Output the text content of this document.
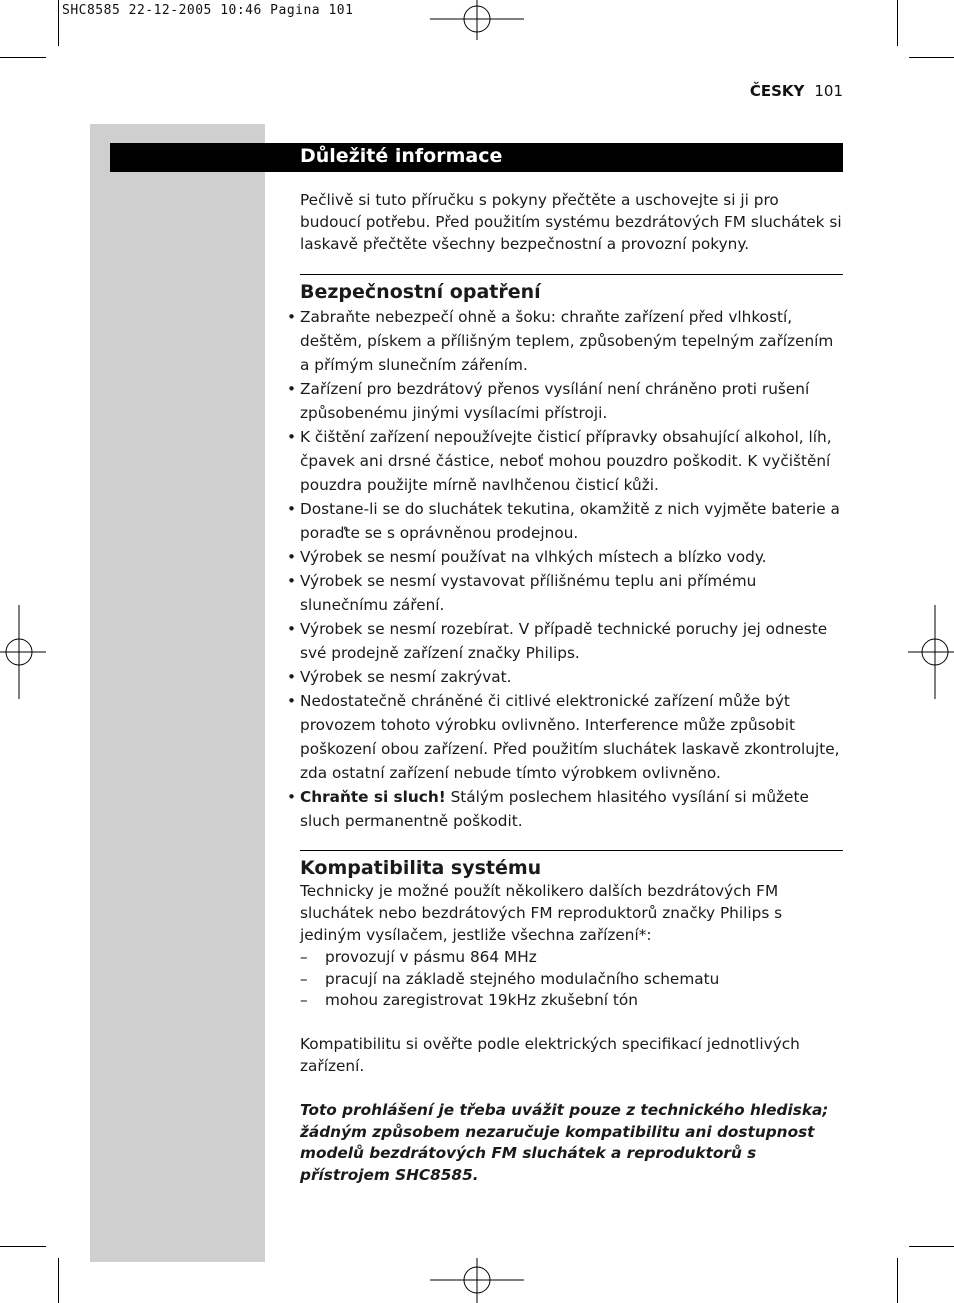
SHC8585 22-12-2005 10:46 Pagina 101
ČESKY 101
Důležité informace

Pečlivě si tuto příručku s pokyny přečtěte a uschovejte si ji pro budoucí potřebu. Před použitím systému bezdrátových FM sluchátek si laskavě přečtěte všechny bezpečnostní a provozní pokyny.

Bezpečnostní opatření
• Zabraňte nebezpečí ohně a šoku: chraňte zařízení před vlhkostí, deštěm, pískem a přílišným teplem, způsobeným tepelným zařízením a přímým slunečním zářením.
• Zařízení pro bezdrátový přenos vysílání není chráněno proti rušení způsobenému jinými vysílacími přístroji.
• K čištění zařízení nepoužívejte čisticí přípravky obsahující alkohol, líh, čpavek ani drsné částice, neboť mohou pouzdro poškodit. K vyčištění pouzdra použijte mírně navlhčenou čisticí kůži.
• Dostane-li se do sluchátek tekutina, okamžitě z nich vyjměte baterie a poraďte se s oprávněnou prodejnou.
• Výrobek se nesmí používat na vlhkých místech a blízko vody.
• Výrobek se nesmí vystavovat přílišnému teplu ani přímému slunečnímu záření.
• Výrobek se nesmí rozebírat. V případě technické poruchy jej odneste své prodejně zařízení značky Philips.
• Výrobek se nesmí zakrývat.
• Nedostatečně chráněné či citlivé elektronické zařízení může být provozem tohoto výrobku ovlivněno. Interference může způsobit poškození obou zařízení. Před použitím sluchátek laskavě zkontrolujte, zda ostatní zařízení nebude tímto výrobkem ovlivněno.
• Chraňte si sluch! Stálým poslechem hlasitého vysílání si můžete sluch permanentně poškodit.
Kompatibilita systému

Technicky je možné použít několikero dalších bezdrátových FM sluchátek nebo bezdrátových FM reproduktorů značky Philips s jediným vysílačem, jestliže všechna zařízení*:

– provozují v pásmu 864 MHz
– pracují na základě stejného modulačního schematu
– mohou zaregistrovat 19kHz zkušební tón

Kompatibilitu si ověřte podle elektrických specifikací jednotlivých zařízení.

Toto prohlášení je třeba uvážit pouze z technického hlediska; žádným způsobem nezaručuje kompatibilitu ani dostupnost modelů bezdrátových FM sluchátek a reproduktorů s přístrojem SHC8585.
